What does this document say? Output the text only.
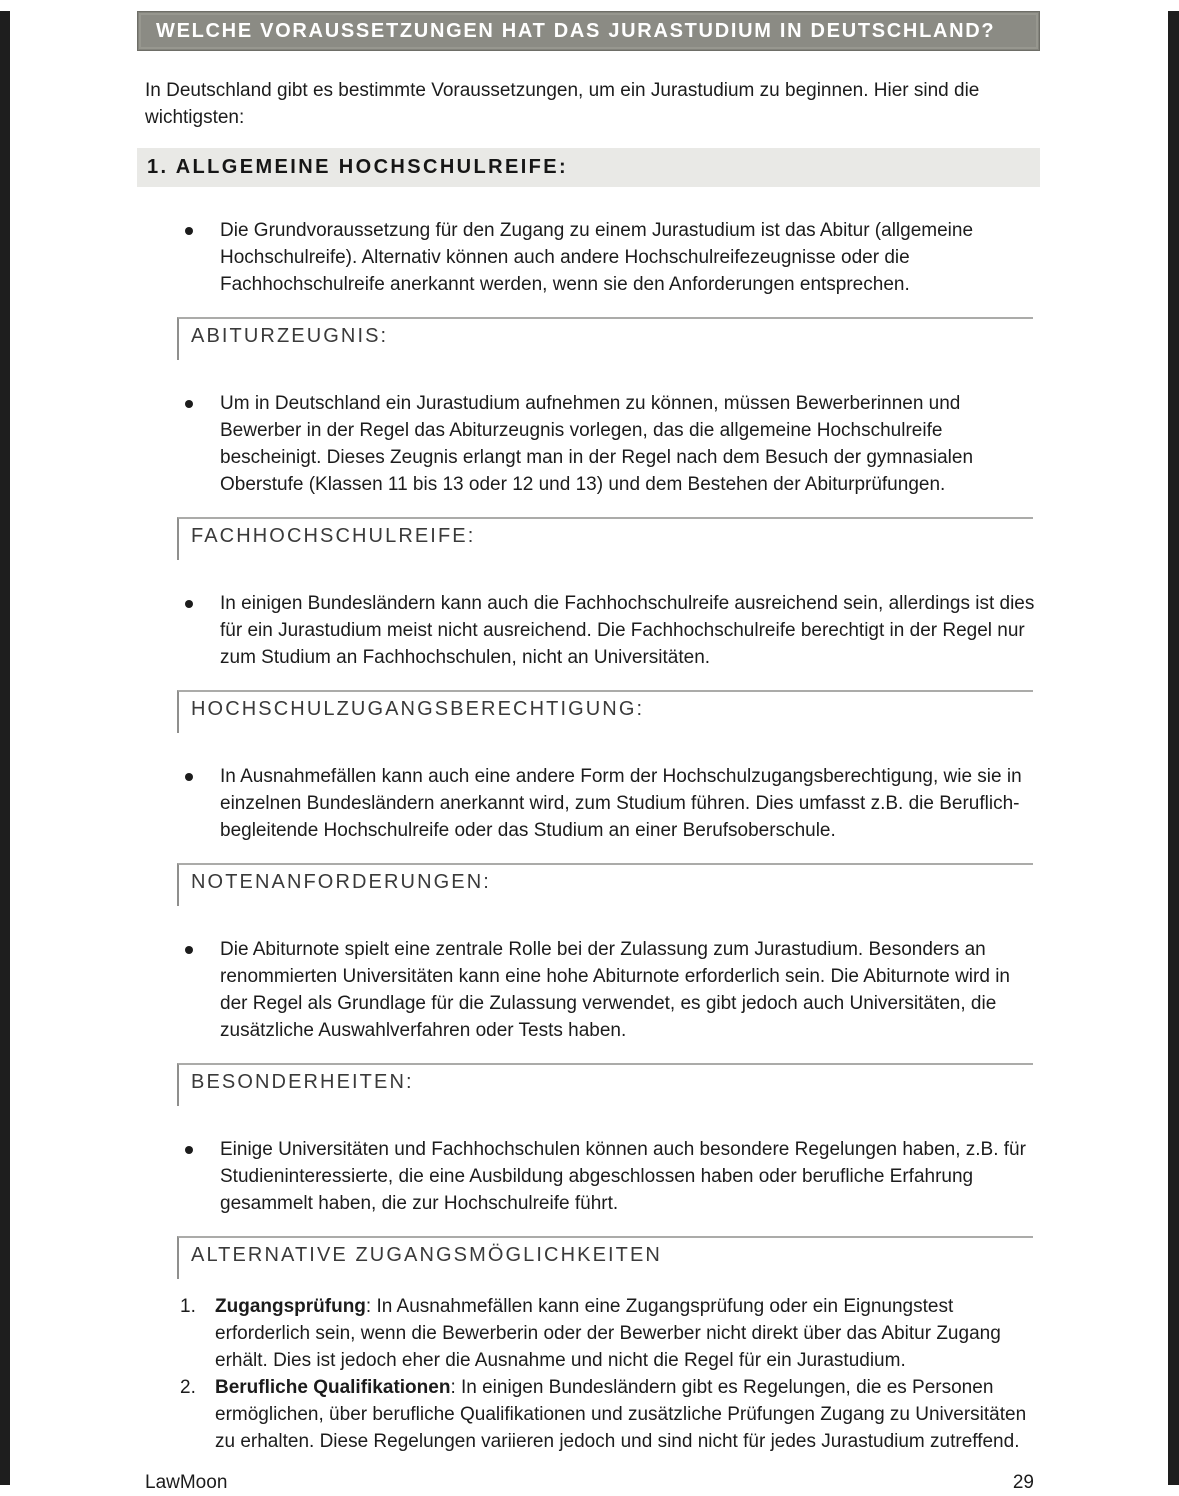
WELCHE VORAUSSETZUNGEN HAT DAS JURASTUDIUM IN DEUTSCHLAND?

In Deutschland gibt es bestimmte Voraussetzungen, um ein Jurastudium zu beginnen. Hier sind die wichtigsten:

1. ALLGEMEINE HOCHSCHULREIFE:
Die Grundvoraussetzung für den Zugang zu einem Jurastudium ist das Abitur (allgemeine Hochschulreife). Alternativ können auch andere Hochschulreifezeugnisse oder die Fachhochschulreife anerkannt werden, wenn sie den Anforderungen entsprechen.
ABITURZEUGNIS:
Um in Deutschland ein Jurastudium aufnehmen zu können, müssen Bewerberinnen und Bewerber in der Regel das Abiturzeugnis vorlegen, das die allgemeine Hochschulreife bescheinigt. Dieses Zeugnis erlangt man in der Regel nach dem Besuch der gymnasialen Oberstufe (Klassen 11 bis 13 oder 12 und 13) und dem Bestehen der Abiturprüfungen.
FACHHOCHSCHULREIFE:
In einigen Bundesländern kann auch die Fachhochschulreife ausreichend sein, allerdings ist dies für ein Jurastudium meist nicht ausreichend. Die Fachhochschulreife berechtigt in der Regel nur zum Studium an Fachhochschulen, nicht an Universitäten.
HOCHSCHULZUGANGSBERECHTIGUNG:
In Ausnahmefällen kann auch eine andere Form der Hochschulzugangsberechtigung, wie sie in einzelnen Bundesländern anerkannt wird, zum Studium führen. Dies umfasst z.B. die Beruflich-begleitende Hochschulreife oder das Studium an einer Berufsoberschule.
NOTENANFORDERUNGEN:
Die Abiturnote spielt eine zentrale Rolle bei der Zulassung zum Jurastudium. Besonders an renommierten Universitäten kann eine hohe Abiturnote erforderlich sein. Die Abiturnote wird in der Regel als Grundlage für die Zulassung verwendet, es gibt jedoch auch Universitäten, die zusätzliche Auswahlverfahren oder Tests haben.
BESONDERHEITEN:
Einige Universitäten und Fachhochschulen können auch besondere Regelungen haben, z.B. für Studieninteressierte, die eine Ausbildung abgeschlossen haben oder berufliche Erfahrung gesammelt haben, die zur Hochschulreife führt.
ALTERNATIVE ZUGANGSMÖGLICHKEITEN
1. Zugangsprüfung: In Ausnahmefällen kann eine Zugangsprüfung oder ein Eignungstest erforderlich sein, wenn die Bewerberin oder der Bewerber nicht direkt über das Abitur Zugang erhält. Dies ist jedoch eher die Ausnahme und nicht die Regel für ein Jurastudium.
2. Berufliche Qualifikationen: In einigen Bundesländern gibt es Regelungen, die es Personen ermöglichen, über berufliche Qualifikationen und zusätzliche Prüfungen Zugang zu Universitäten zu erhalten. Diese Regelungen variieren jedoch und sind nicht für jedes Jurastudium zutreffend.
LawMoon	29
